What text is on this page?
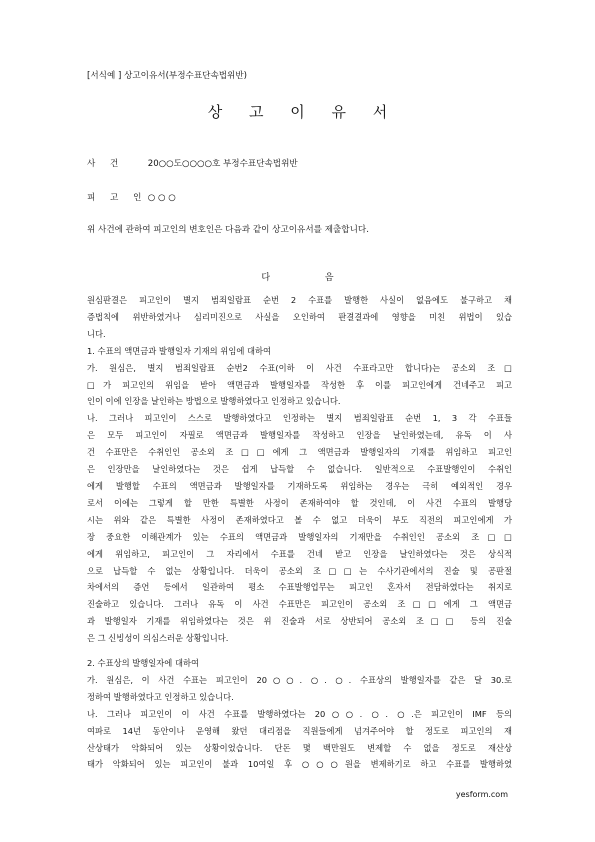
[서식예 ] 상고이유서(부정수표단속법위반)
상 고 이 유 서
사 건	20○○도○○○○호 부정수표단속법위반
피 고 인 ○ ○ ○
위 사건에 관하여 피고인의 변호인은 다음과 같이 상고이유서를 제출합니다.
다 음
원심판결은 피고인이 별지 범죄일람표 순번 2 수표를 발행한 사실이 없음에도 불구하고 채
증법칙에 위반하였거나 심리미진으로 사실을 오인하여 판결결과에 영향을 미친 위법이 있습
니다.
1. 수표의 액면금과 발행일자 기재의 위임에 대하여
가. 원심은, 별지 범죄일람표 순번2 수표(이하 이 사건 수표라고만 합니다)는 공소외 조□
□가 피고인의 위임을 받아 액면금과 발행일자를 작성한 후 이를 피고인에게 건네주고 피고
인이 이에 인장을 날인하는 방법으로 발행하였다고 인정하고 있습니다.
나. 그러나 피고인이 스스로 발행하였다고 인정하는 별지 범죄일람표 순번 1, 3 각 수표들
은 모두 피고인이 자필로 액면금과 발행일자를 작성하고 인장을 날인하였는데, 유독 이 사
건 수표만은 수취인인 공소외 조□□에게 그 액면금과 발행일자의 기재를 위임하고 피고인
은 인장만을 날인하였다는 것은 쉽게 납득할 수 없습니다. 일반적으로 수표발행인이 수취인
에게 발행할 수표의 액면금과 발행일자를 기재하도록 위임하는 경우는 극히 예외적인 경우
로서 이에는 그렇게 할 만한 특별한 사정이 존재하여야 할 것인데, 이 사건 수표의 발행당
시는 위와 같은 특별한 사정이 존재하였다고 볼 수 없고 더욱이 부도 직전의 피고인에게 가
장 중요한 이해관계가 있는 수표의 액면금과 발행일자의 기재만을 수취인인 공소외 조□□
에게 위임하고, 피고인이 그 자리에서 수표를 건네 받고 인장을 날인하였다는 것은 상식적
으로 납득할 수 없는 상황입니다. 더욱이 공소외 조□□는 수사기관에서의 진술 및 공판절
차에서의 증언 등에서 일관하여 평소 수표발행업무는 피고인 혼자서 전담하였다는 취지로
진술하고 있습니다. 그러나 유독 이 사건 수표만은 피고인이 공소외 조□□에게 그 액면금
과 발행일자 기재를 위임하였다는 것은 위 진술과 서로 상반되어 공소외 조□□ 등의 진술
은 그 신빙성이 의심스러운 상황입니다.
2. 수표상의 발행일자에 대하여
가. 원심은, 이 사건 수표는 피고인이 20○○. ○. ○. 수표상의 발행일자를 같은 달 30.로
정하여 발행하였다고 인정하고 있습니다.
나. 그러나 피고인이 이 사건 수표를 발행하였다는 20○○. ○. ○.은 피고인이 IMF 등의
여파로 14년 동안이나 운영해 왔던 대리점을 직원들에게 넘겨주어야 할 정도로 피고인의 재
산상태가 악화되어 있는 상황이었습니다. 단돈 몇 백만원도 변제할 수 없을 정도로 재산상
태가 악화되어 있는 피고인이 불과 10여일 후 ○○○원을 변제하기로 하고 수표를 발행하였
yesform.com
